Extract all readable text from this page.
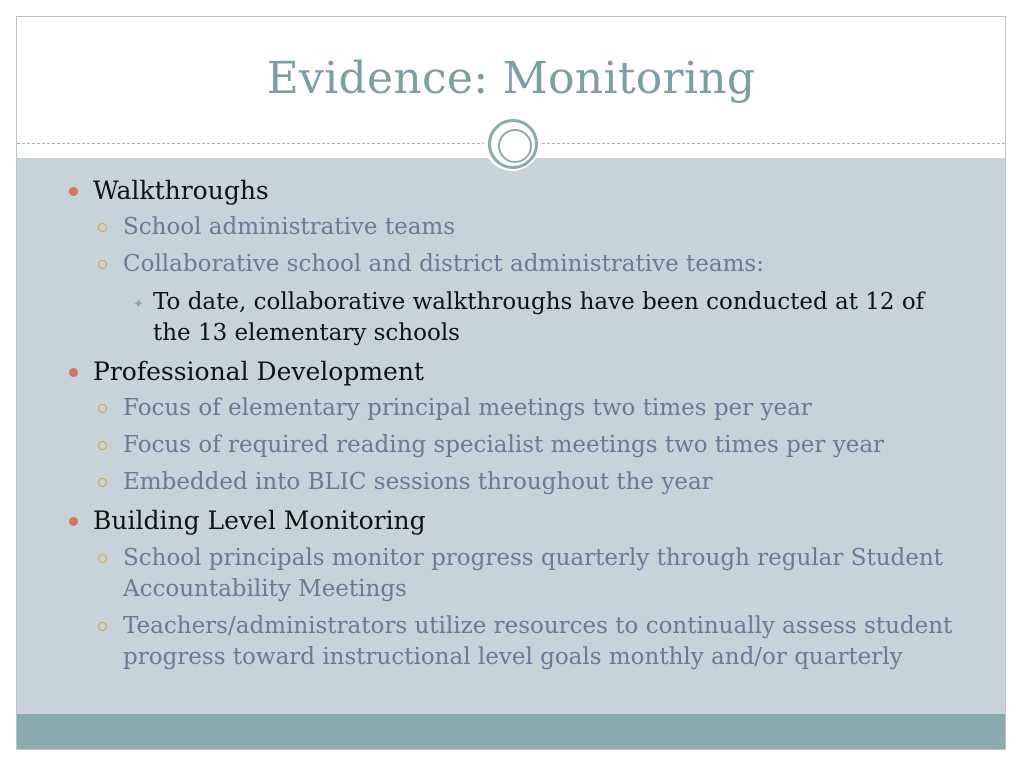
Evidence: Monitoring
Walkthroughs
School administrative teams
Collaborative school and district administrative teams:
✦ To date, collaborative walkthroughs have been conducted at 12 of the 13 elementary schools
Professional Development
Focus of elementary principal meetings two times per year
Focus of required reading specialist meetings two times per year
Embedded into BLIC sessions throughout the year
Building Level Monitoring
School principals monitor progress quarterly through regular Student Accountability Meetings
Teachers/administrators utilize resources to continually assess student progress toward instructional level goals monthly and/or quarterly
